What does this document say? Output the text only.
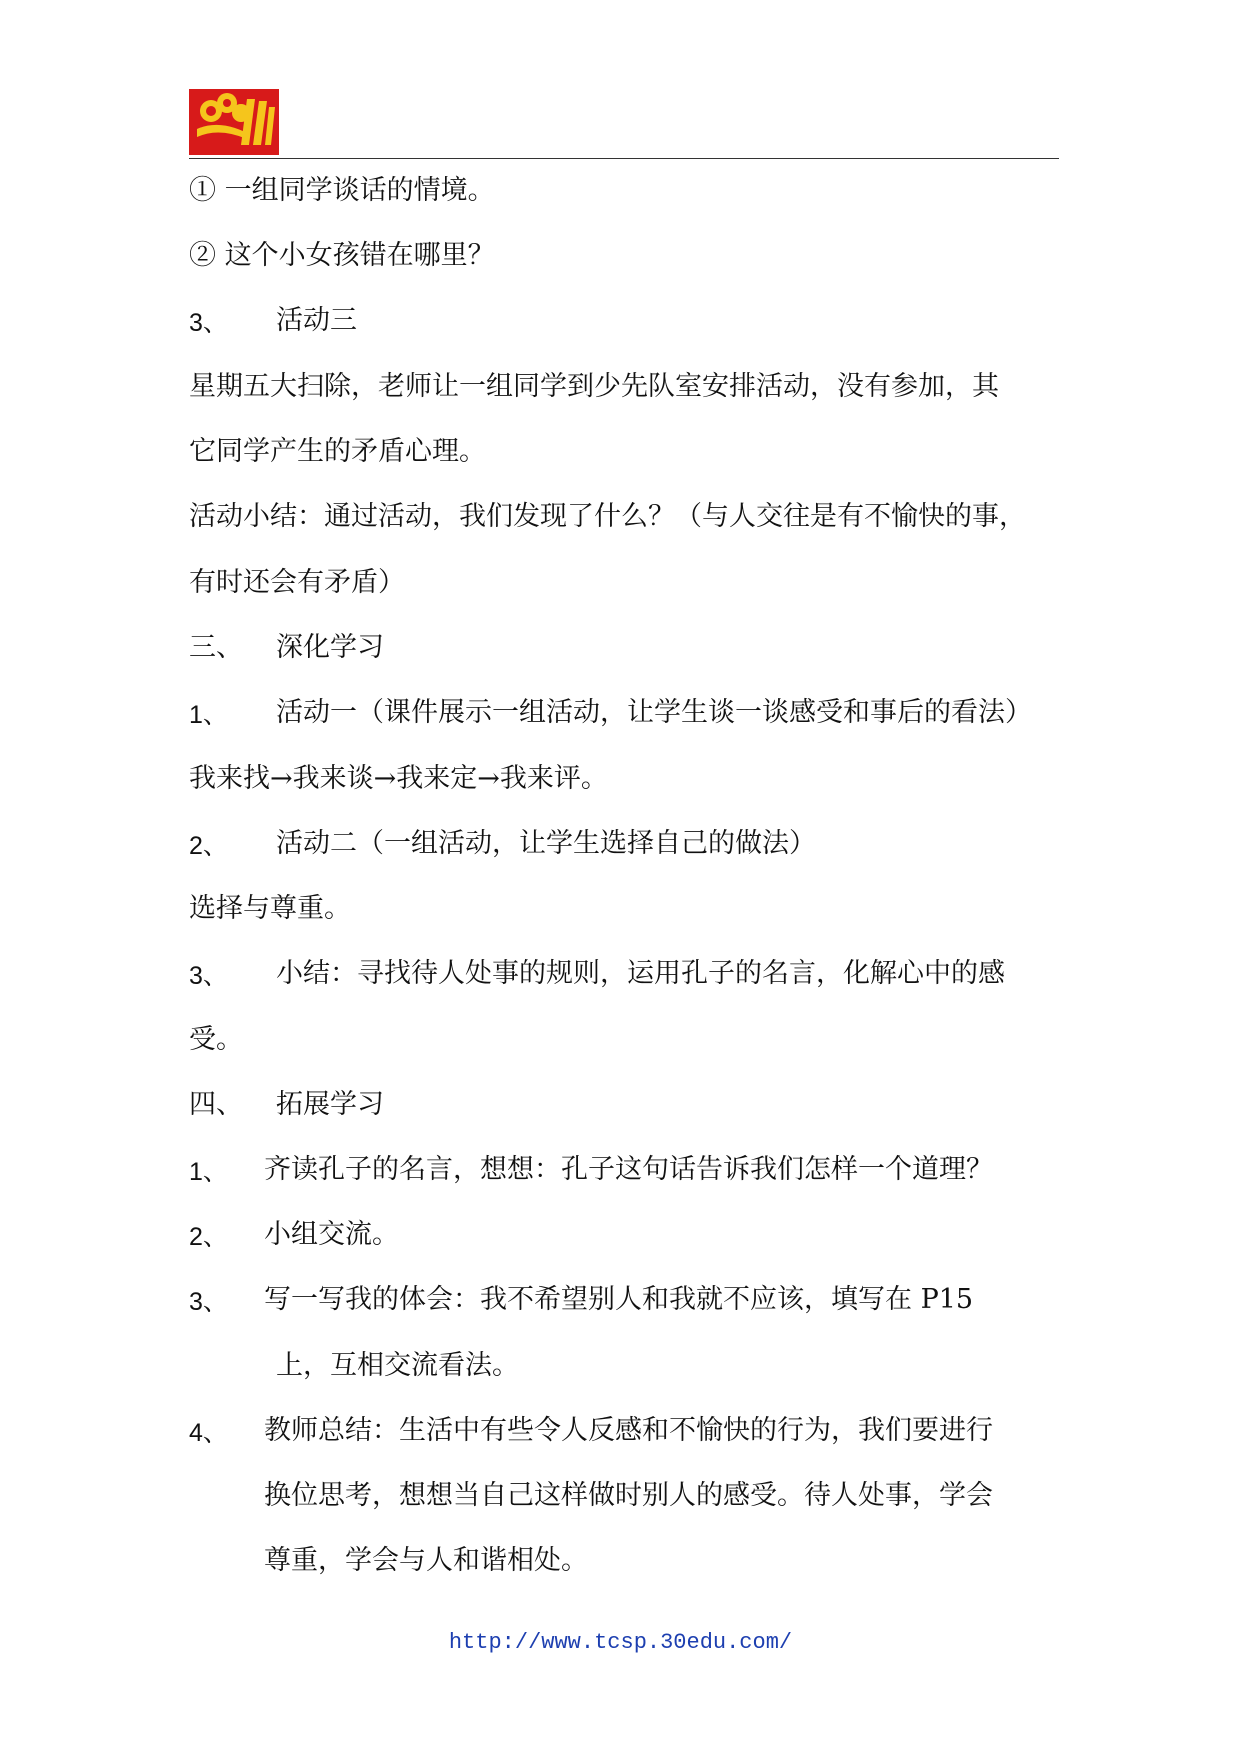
① 一组同学谈话的情境。
② 这个小女孩错在哪里？
3、 活动三
星期五大扫除，老师让一组同学到少先队室安排活动，没有参加，其
它同学产生的矛盾心理。
活动小结：通过活动，我们发现了什么？（与人交往是有不愉快的事，
有时还会有矛盾）
三、 深化学习
1、 活动一（课件展示一组活动，让学生谈一谈感受和事后的看法）
我来找→我来谈→我来定→我来评。
2、 活动二（一组活动，让学生选择自己的做法）
选择与尊重。
3、 小结：寻找待人处事的规则，运用孔子的名言，化解心中的感
受。
四、 拓展学习
1、 齐读孔子的名言，想想：孔子这句话告诉我们怎样一个道理？
2、 小组交流。
3、 写一写我的体会：我不希望别人和我就不应该，填写在 P15
上，互相交流看法。
4、 教师总结：生活中有些令人反感和不愉快的行为，我们要进行
换位思考，想想当自己这样做时别人的感受。待人处事，学会
尊重，学会与人和谐相处。
http://www.tcsp.30edu.com/
